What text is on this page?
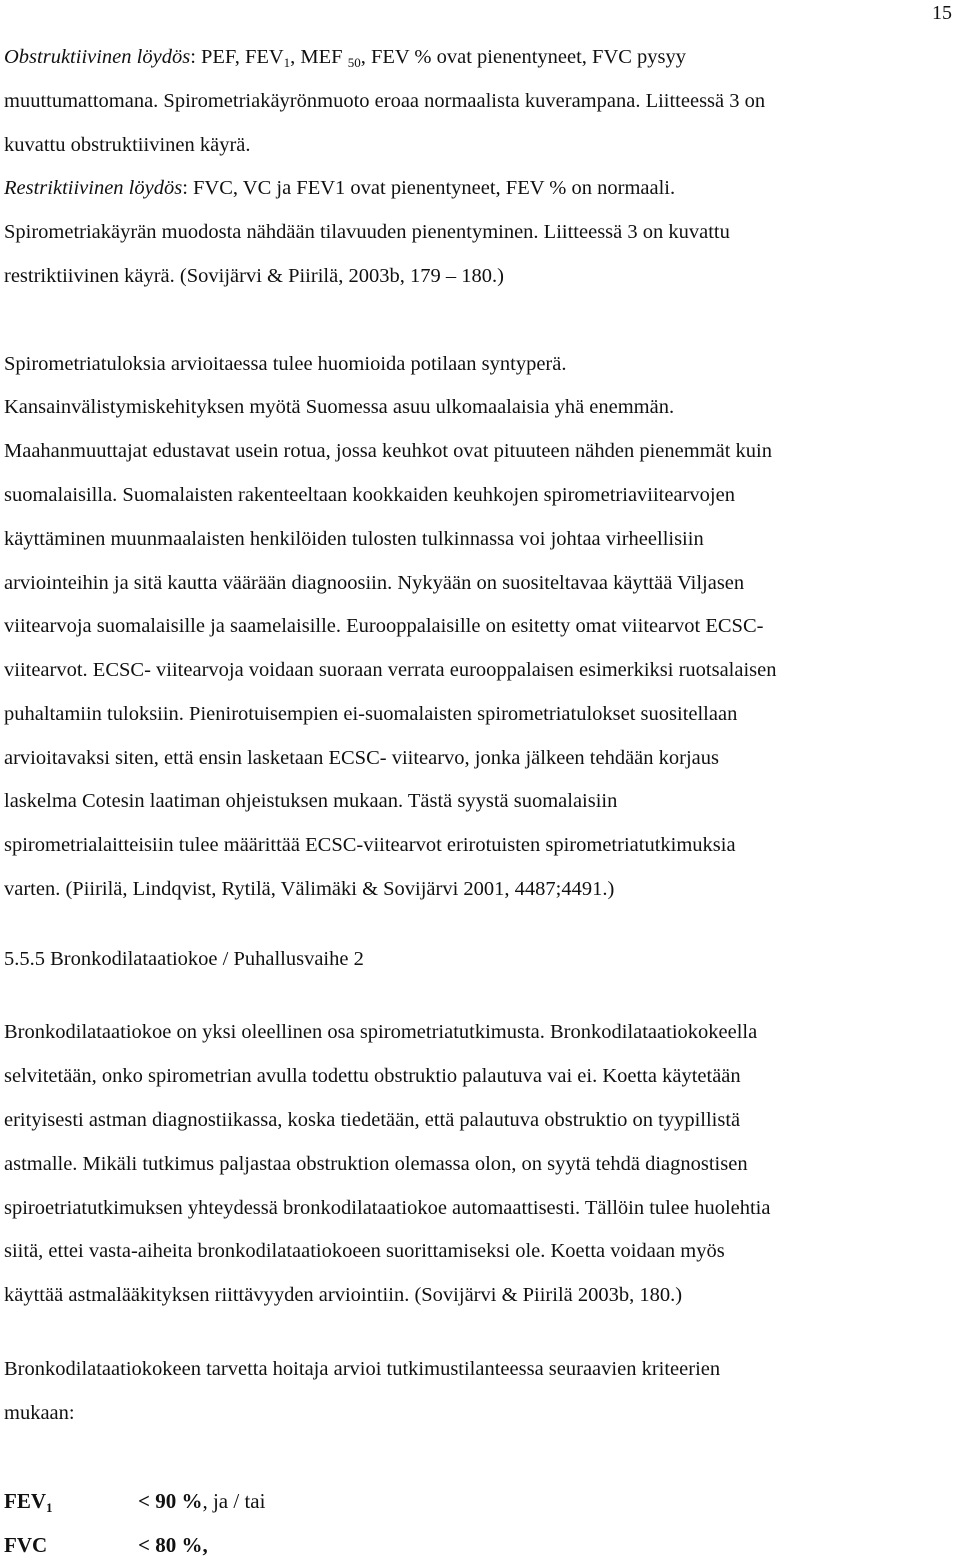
15
Obstruktiivinen löydös: PEF, $FEV_1$, MEF $_{50}$, FEV % ovat pienentyneet, FVC pysyy
muuttumattomana. Spirometriakäyrönmuoto eroaa normaalista kuverampana. Liitteessä 3 on
kuvattu obstruktiivinen käyrä.
Restriktiivinen löydös: FVC, VC ja FEV1 ovat pienentyneet, FEV % on normaali.
Spirometriakäyrän muodosta nähdään tilavuuden pienentyminen. Liitteessä 3 on kuvattu
restriktiivinen käyrä. (Sovijärvi & Piirilä, 2003b, 179 – 180.)
Spirometriatuloksia arvioitaessa tulee huomioida potilaan syntyperä.
Kansainvälistymiskehityksen myötä Suomessa asuu ulkomaalaisia yhä enemmän.
Maahanmuuttajat edustavat usein rotua, jossa keuhkot ovat pituuteen nähden pienemmät kuin
suomalaisilla. Suomalaisten rakenteeltaan kookkaiden keuhkojen spirometriaviitearvojen
käyttäminen muunmaalaisten henkilöiden tulosten tulkinnassa voi johtaa virheellisiin
arviointeihin ja sitä kautta väärään diagnoosiin. Nykyään on suositeltavaa käyttää Viljasen
viitearvoja suomalaisille ja saamelaisille. Eurooppalaisille on esitetty omat viitearvot ECSC-
viitearvot. ECSC- viitearvoja voidaan suoraan verrata eurooppalaisen esimerkiksi ruotsalaisen
puhaltamiin tuloksiin. Pienirotuisempien ei-suomalaisten spirometriatulokset suositellaan
arvioitavaksi siten, että ensin lasketaan ECSC- viitearvo, jonka jälkeen tehdään korjaus
laskelma Cotesin laatiman ohjeistuksen mukaan. Tästä syystä suomalaisiin
spirometrialaitteisiin tulee määrittää ECSC-viitearvot erirotuisten spirometriatutkimuksia
varten. (Piirilä, Lindqvist, Rytilä, Välimäki & Sovijärvi 2001, 4487;4491.)
5.5.5 Bronkodilataatiokoe / Puhallusvaihe 2
Bronkodilataatiokoe on yksi oleellinen osa spirometriatutkimusta. Bronkodilataatiokokeella
selvitetään, onko spirometrian avulla todettu obstruktio palautuva vai ei. Koetta käytetään
erityisesti astman diagnostiikassa, koska tiedetään, että palautuva obstruktio on tyypillistä
astmalle. Mikäli tutkimus paljastaa obstruktion olemassa olon, on syytä tehdä diagnostisen
spiroetriatutkimuksen yhteydessä bronkodilataatiokoe automaattisesti. Tällöin tulee huolehtia
siitä, ettei vasta-aiheita bronkodilataatiokoeen suorittamiseksi ole. Koetta voidaan myös
käyttää astmalääkityksen riittävyyden arviointiin. (Sovijärvi & Piirilä 2003b, 180.)
Bronkodilataatiokokeen tarvetta hoitaja arvioi tutkimustilanteessa seuraavien kriteerien
mukaan:
$FEV_1$	< 90 %, ja / tai
FVC	< 80 %,
